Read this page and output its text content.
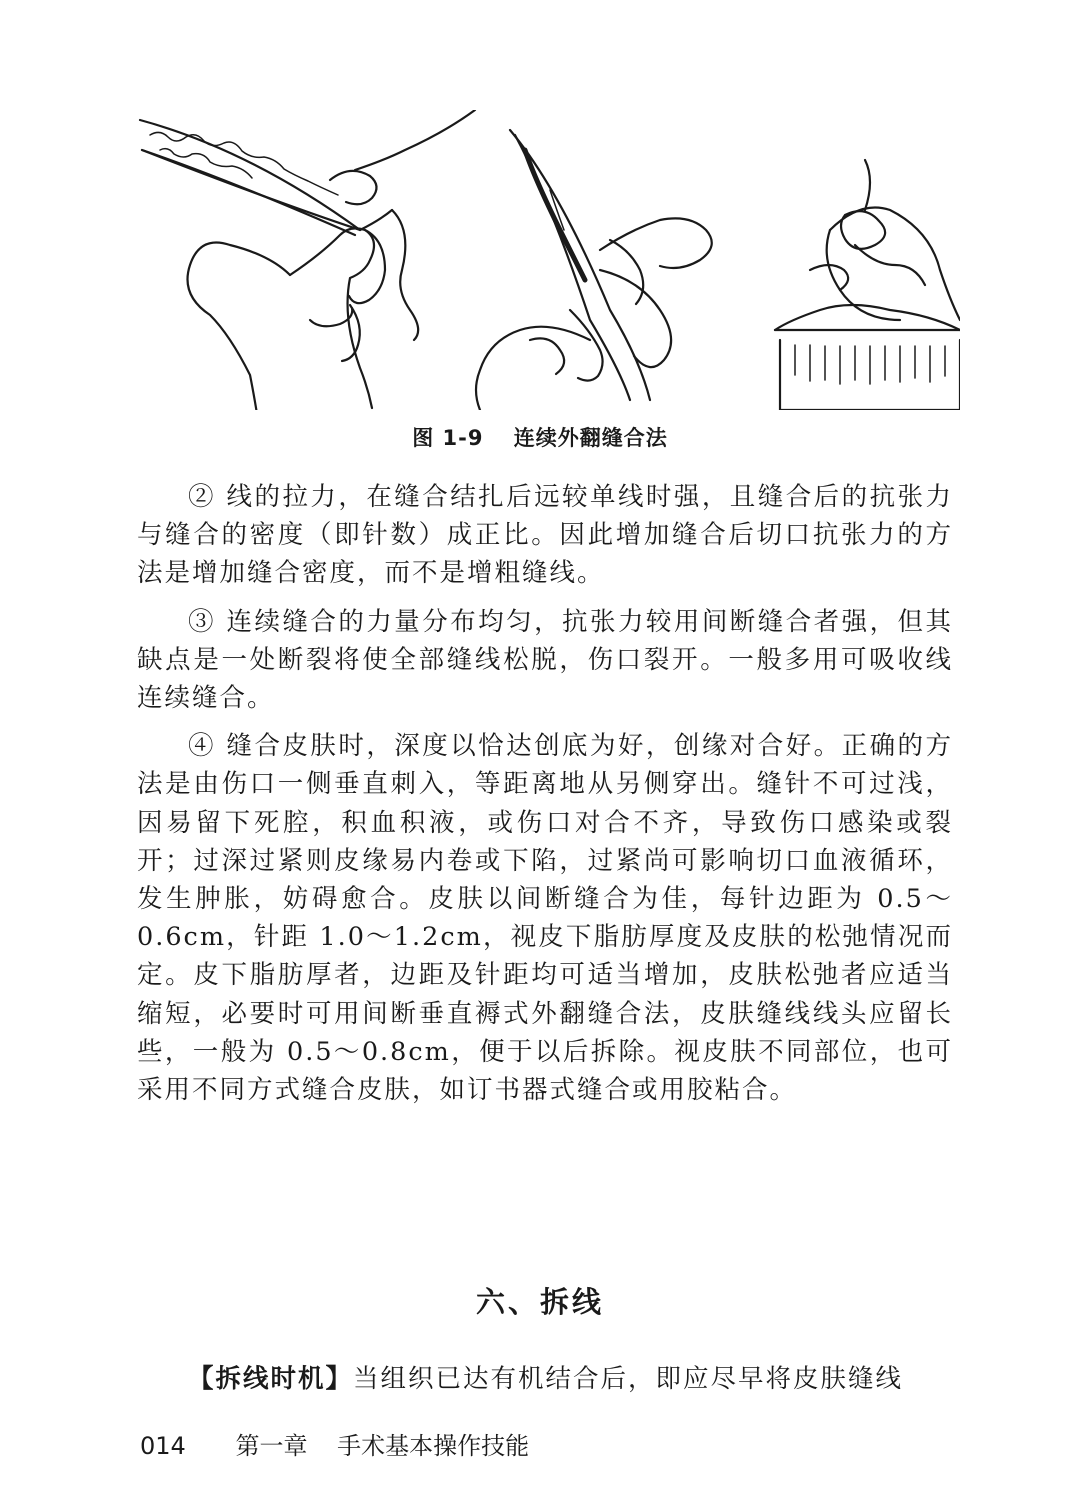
图 1-9 连续外翻缝合法

② 线的拉力，在缝合结扎后远较单线时强，且缝合后的抗张力与缝合的密度（即针数）成正比。因此增加缝合后切口抗张力的方法是增加缝合密度，而不是增粗缝线。

③ 连续缝合的力量分布均匀，抗张力较用间断缝合者强，但其缺点是一处断裂将使全部缝线松脱，伤口裂开。一般多用可吸收线连续缝合。

④ 缝合皮肤时，深度以恰达创底为好，创缘对合好。正确的方法是由伤口一侧垂直刺入，等距离地从另侧穿出。缝针不可过浅，因易留下死腔，积血积液，或伤口对合不齐，导致伤口感染或裂开；过深过紧则皮缘易内卷或下陷，过紧尚可影响切口血液循环，发生肿胀，妨碍愈合。皮肤以间断缝合为佳，每针边距为 0.5～0.6cm，针距 1.0～1.2cm，视皮下脂肪厚度及皮肤的松弛情况而定。皮下脂肪厚者，边距及针距均可适当增加，皮肤松弛者应适当缩短，必要时可用间断垂直褥式外翻缝合法，皮肤缝线线头应留长些，一般为 0.5～0.8cm，便于以后拆除。视皮肤不同部位，也可采用不同方式缝合皮肤，如订书器式缝合或用胶粘合。

六、拆线
【拆线时机】当组织已达有机结合后，即应尽早将皮肤缝线
014 第一章 手术基本操作技能
